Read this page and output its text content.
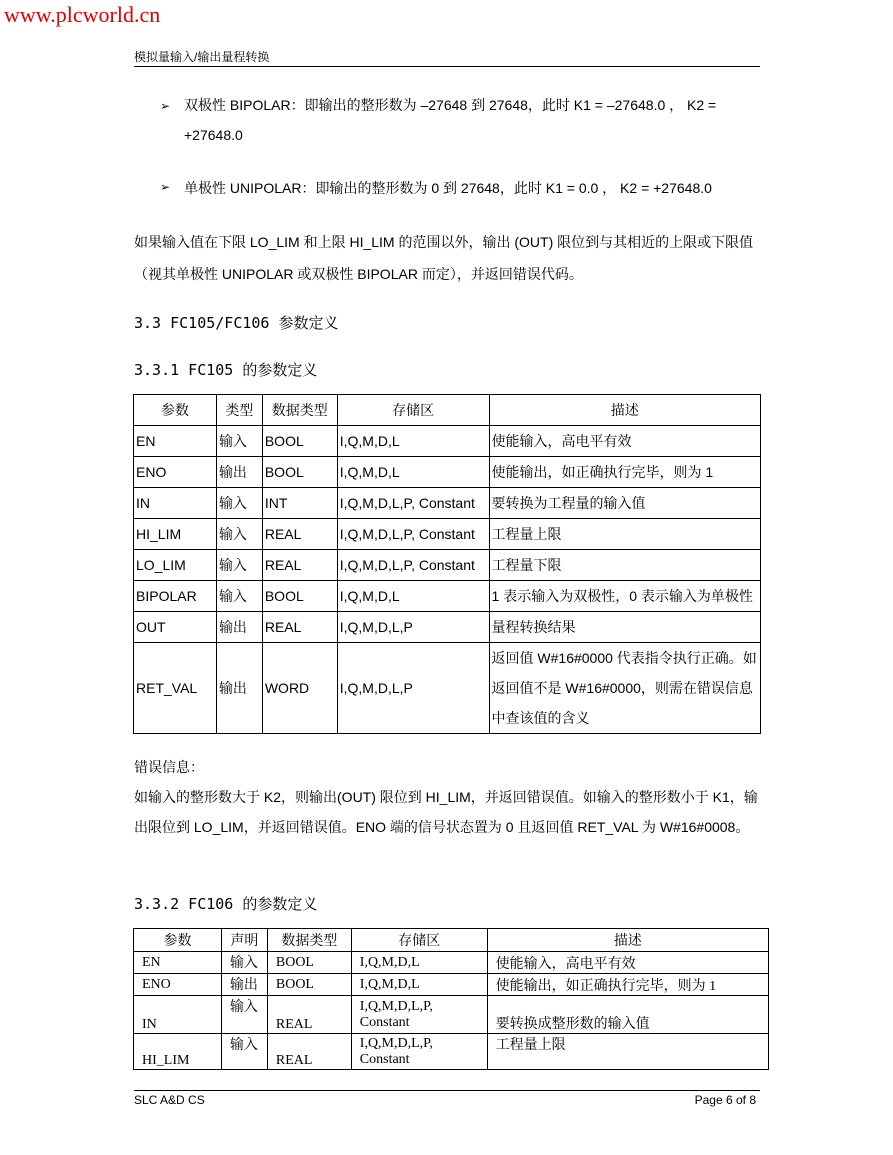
www.plcworld.cn
模拟量输入/输出量程转换
➢ 双极性 BIPOLAR：即输出的整形数为 –27648 到 27648，此时 K1 = –27648.0 ， K2 = +27648.0
➢ 单极性 UNIPOLAR：即输出的整形数为 0 到 27648，此时 K1 = 0.0 ， K2 = +27648.0
如果输入值在下限 LO_LIM 和上限 HI_LIM 的范围以外，输出 (OUT) 限位到与其相近的上限或下限值（视其单极性 UNIPOLAR 或双极性 BIPOLAR 而定），并返回错误代码。
3.3 FC105/FC106 参数定义
3.3.1 FC105 的参数定义
参数	类型	数据类型	存储区	描述
EN	输入	BOOL	I,Q,M,D,L	使能输入，高电平有效
ENO	输出	BOOL	I,Q,M,D,L	使能输出，如正确执行完毕，则为 1
IN	输入	INT	I,Q,M,D,L,P, Constant	要转换为工程量的输入值
HI_LIM	输入	REAL	I,Q,M,D,L,P, Constant	工程量上限
LO_LIM	输入	REAL	I,Q,M,D,L,P, Constant	工程量下限
BIPOLAR	输入	BOOL	I,Q,M,D,L	1 表示输入为双极性，0 表示输入为单极性
OUT	输出	REAL	I,Q,M,D,L,P	量程转换结果
RET_VAL	输出	WORD	I,Q,M,D,L,P	返回值 W#16#0000 代表指令执行正确。如返回值不是 W#16#0000，则需在错误信息中查该值的含义
错误信息：
如输入的整形数大于 K2，则输出(OUT) 限位到 HI_LIM，并返回错误值。如输入的整形数小于 K1，输出限位到 LO_LIM，并返回错误值。ENO 端的信号状态置为 0 且返回值 RET_VAL 为 W#16#0008。
3.3.2 FC106 的参数定义
参数	声明	数据类型	存储区	描述
EN	输入	BOOL	I,Q,M,D,L	使能输入，高电平有效
ENO	输出	BOOL	I,Q,M,D,L	使能输出，如正确执行完毕，则为 1
IN	输入	REAL	I,Q,M,D,L,P, Constant	要转换成整形数的输入值
HI_LIM	输入	REAL	I,Q,M,D,L,P, Constant	工程量上限
SLC A&D CS	Page 6 of 8
